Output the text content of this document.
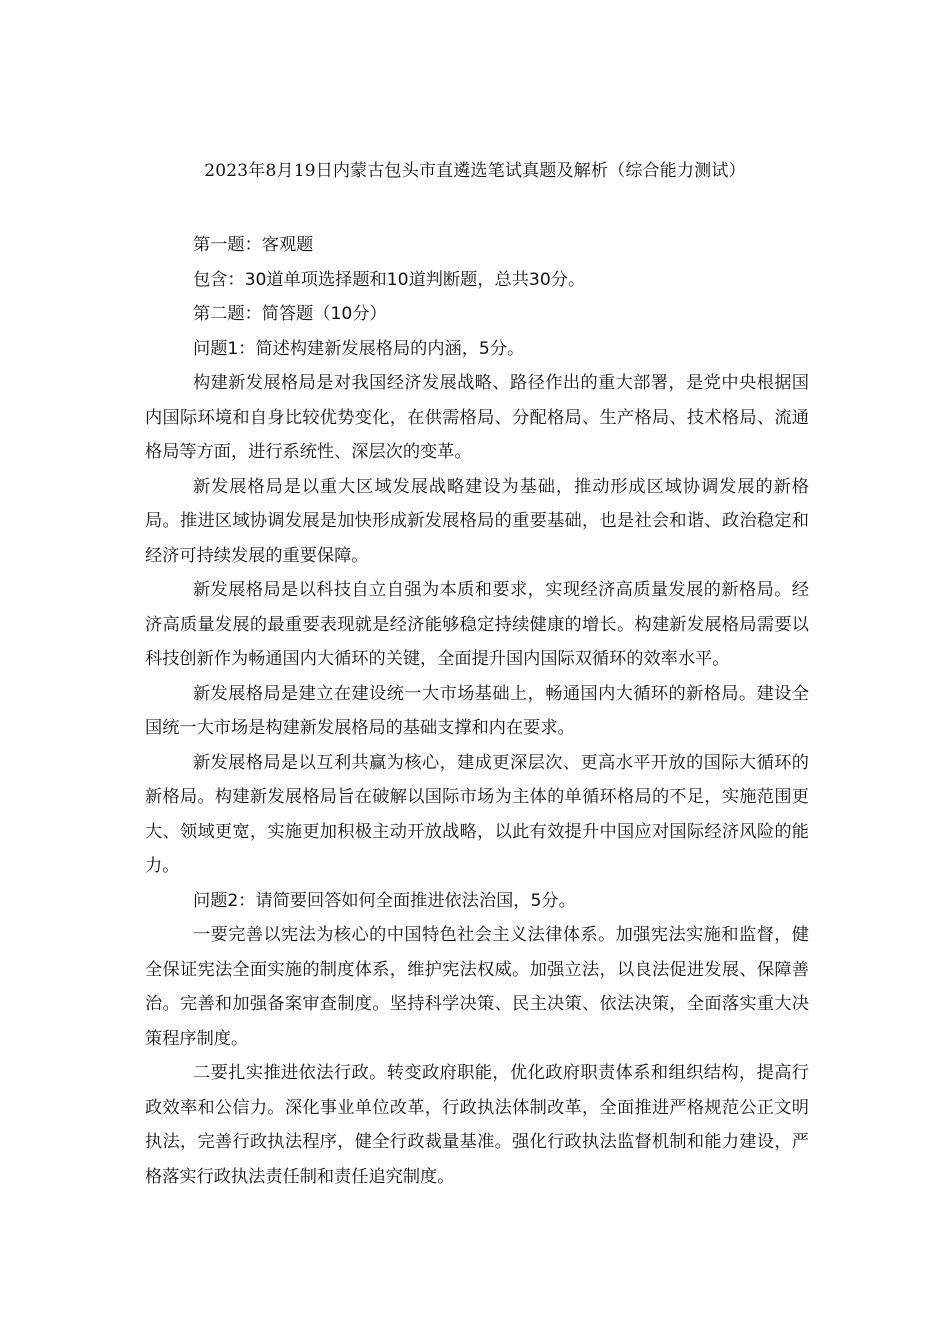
2023年8月19日内蒙古包头市直遴选笔试真题及解析（综合能力测试）

第一题：客观题

包含：30道单项选择题和10道判断题，总共30分。

第二题：简答题（10分）

问题1：简述构建新发展格局的内涵，5分。

构建新发展格局是对我国经济发展战略、路径作出的重大部署，是党中央根据国内国际环境和自身比较优势变化，在供需格局、分配格局、生产格局、技术格局、流通格局等方面，进行系统性、深层次的变革。

新发展格局是以重大区域发展战略建设为基础，推动形成区域协调发展的新格局。推进区域协调发展是加快形成新发展格局的重要基础，也是社会和谐、政治稳定和经济可持续发展的重要保障。

新发展格局是以科技自立自强为本质和要求，实现经济高质量发展的新格局。经济高质量发展的最重要表现就是经济能够稳定持续健康的增长。构建新发展格局需要以科技创新作为畅通国内大循环的关键，全面提升国内国际双循环的效率水平。

新发展格局是建立在建设统一大市场基础上，畅通国内大循环的新格局。建设全国统一大市场是构建新发展格局的基础支撑和内在要求。

新发展格局是以互利共赢为核心，建成更深层次、更高水平开放的国际大循环的新格局。构建新发展格局旨在破解以国际市场为主体的单循环格局的不足，实施范围更大、领域更宽，实施更加积极主动开放战略，以此有效提升中国应对国际经济风险的能力。

问题2：请简要回答如何全面推进依法治国，5分。

一要完善以宪法为核心的中国特色社会主义法律体系。加强宪法实施和监督，健全保证宪法全面实施的制度体系，维护宪法权威。加强立法，以良法促进发展、保障善治。完善和加强备案审查制度。坚持科学决策、民主决策、依法决策，全面落实重大决策程序制度。

二要扎实推进依法行政。转变政府职能，优化政府职责体系和组织结构，提高行政效率和公信力。深化事业单位改革，行政执法体制改革，全面推进严格规范公正文明执法，完善行政执法程序，健全行政裁量基准。强化行政执法监督机制和能力建设，严格落实行政执法责任制和责任追究制度。
